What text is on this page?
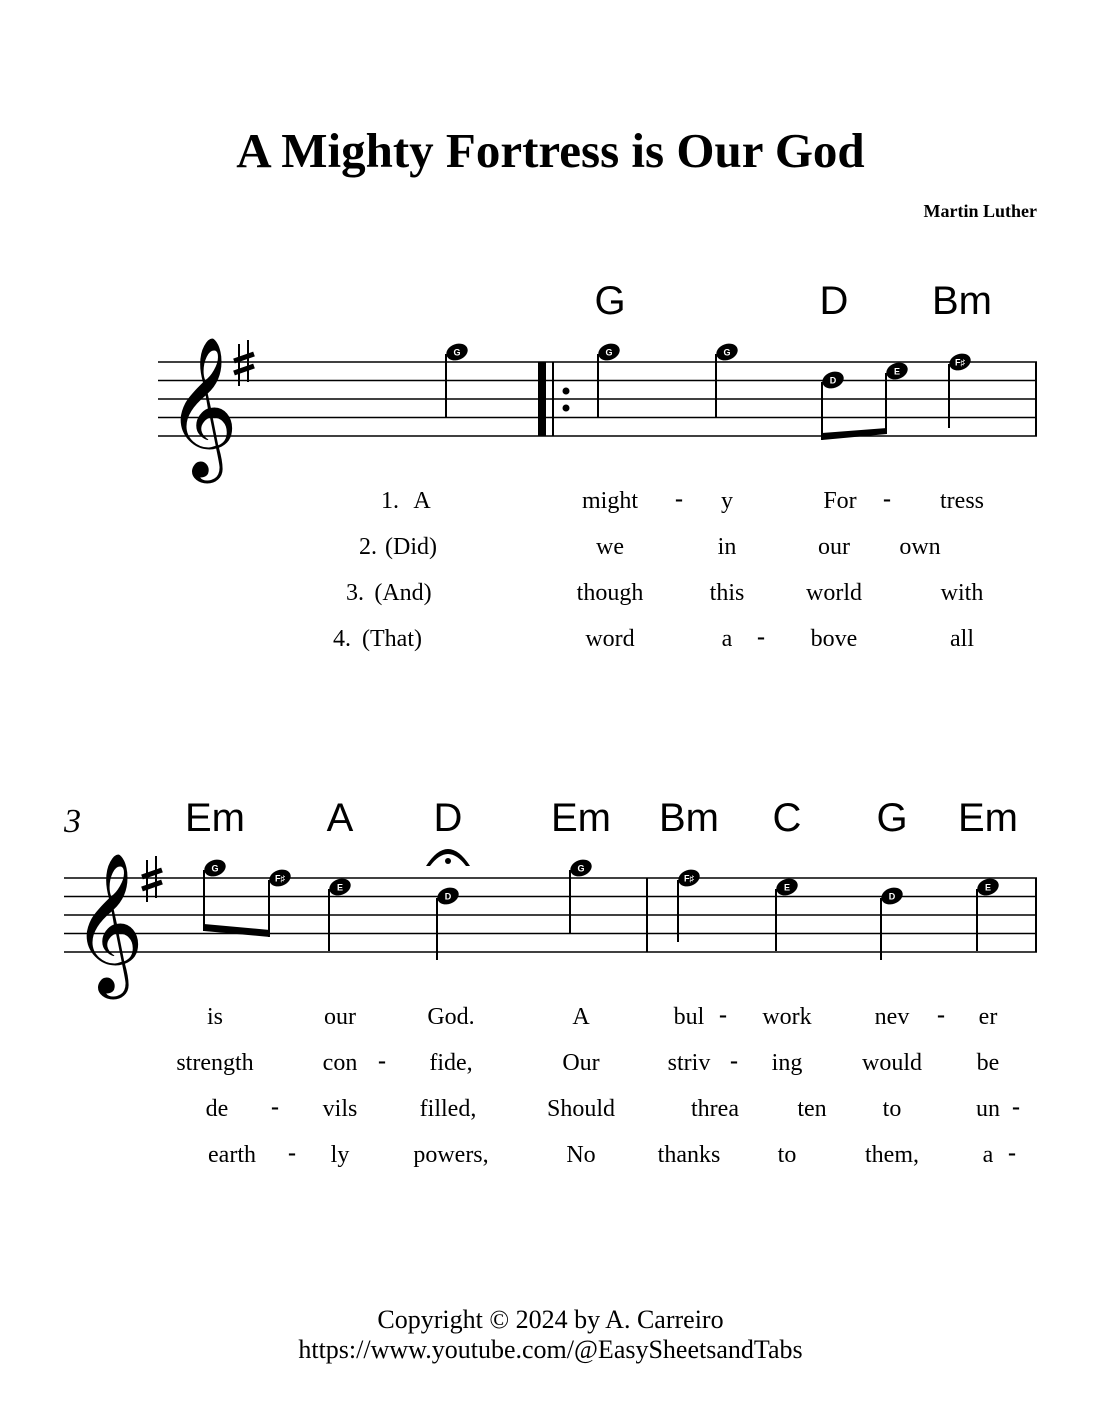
A Mighty Fortress is Our God
Martin Luther
𝄞	G	G	G
D
E
F♯
G	D Bm
1. A	might - y	For - tress
2. (Did)	we	in	our own
3. (And)	though	this	world	with
4. (That)	word	a - bove	all
3
𝄞	G
F♯
E
D
G
F♯
E
D
E
Em A D Em Bm C G Em
is	our	God.	A	bul - work	nev - er
strength	con - fide,	Our	striv - ing would be
de - vils	filled,	Should	threa ten to	un -
earth - ly	powers,	No	thanks to	them,	a -
Copyright © 2024 by A. Carreiro
https://www.youtube.com/@EasySheetsandTabs
